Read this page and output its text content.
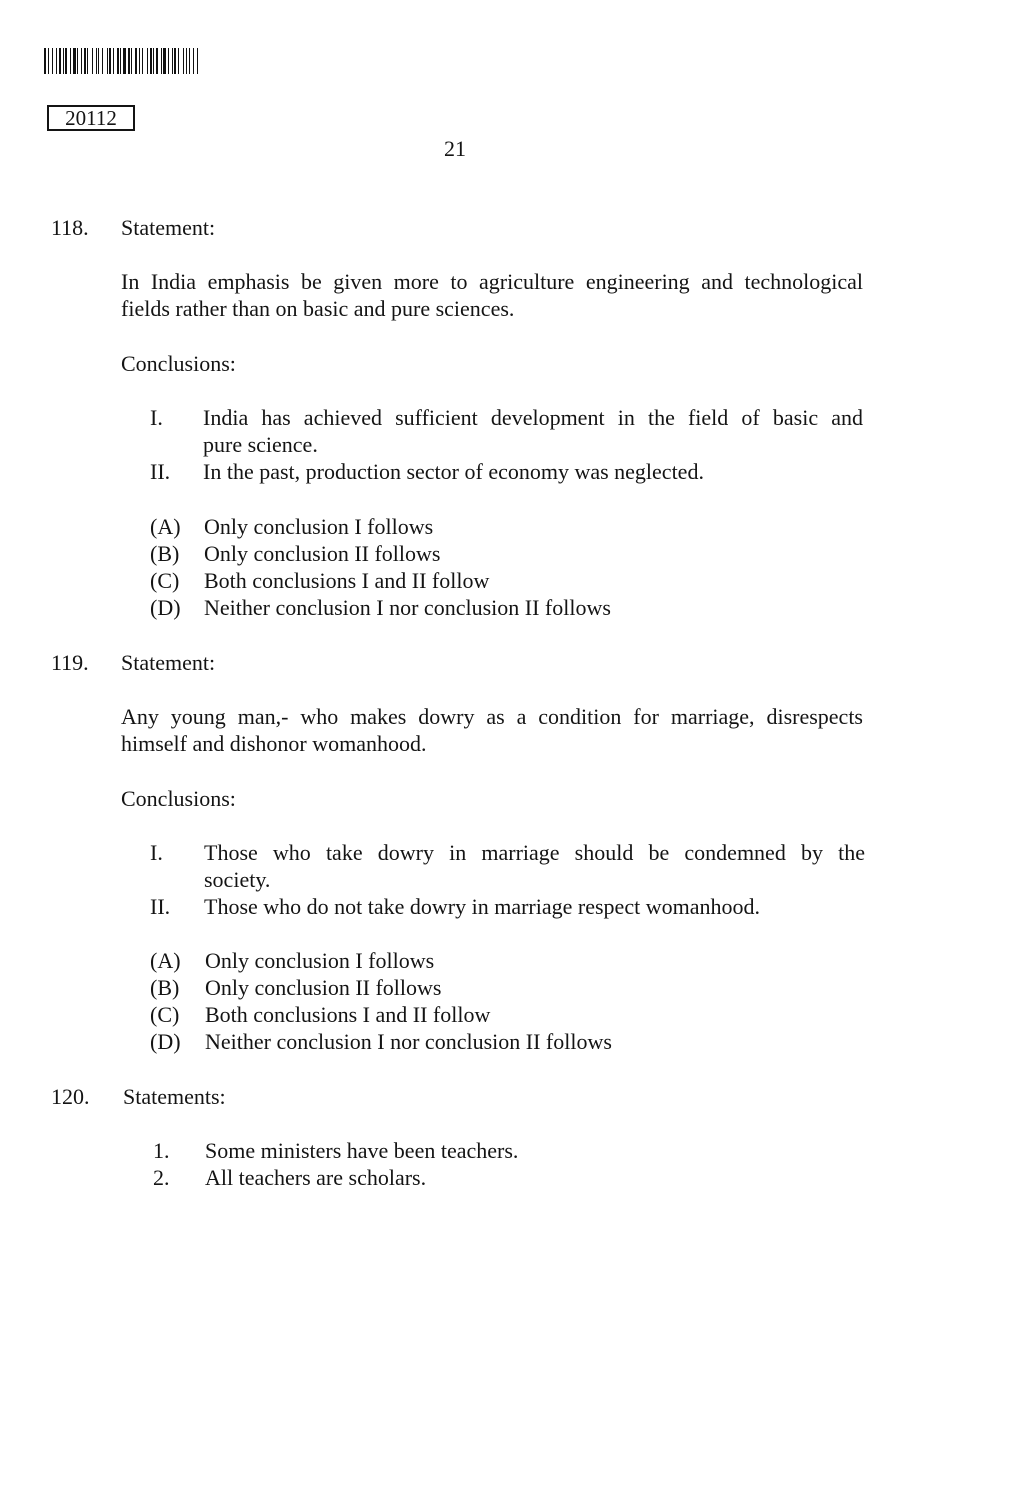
20112
21
118. Statement:
In India emphasis be given more to agriculture engineering and technological
fields rather than on basic and pure sciences.
Conclusions:
I. India has achieved sufficient development in the field of basic and
pure science.
II. In the past, production sector of economy was neglected.
(A) Only conclusion I follows
(B) Only conclusion II follows
(C) Both conclusions I and II follow
(D) Neither conclusion I nor conclusion II follows
119. Statement:
Any young man,- who makes dowry as a condition for marriage, disrespects
himself and dishonor womanhood.
Conclusions:
I. Those who take dowry in marriage should be condemned by the
society.
II. Those who do not take dowry in marriage respect womanhood.
(A) Only conclusion I follows
(B) Only conclusion II follows
(C) Both conclusions I and II follow
(D) Neither conclusion I nor conclusion II follows
120. Statements:
1. Some ministers have been teachers.
2. All teachers are scholars.
